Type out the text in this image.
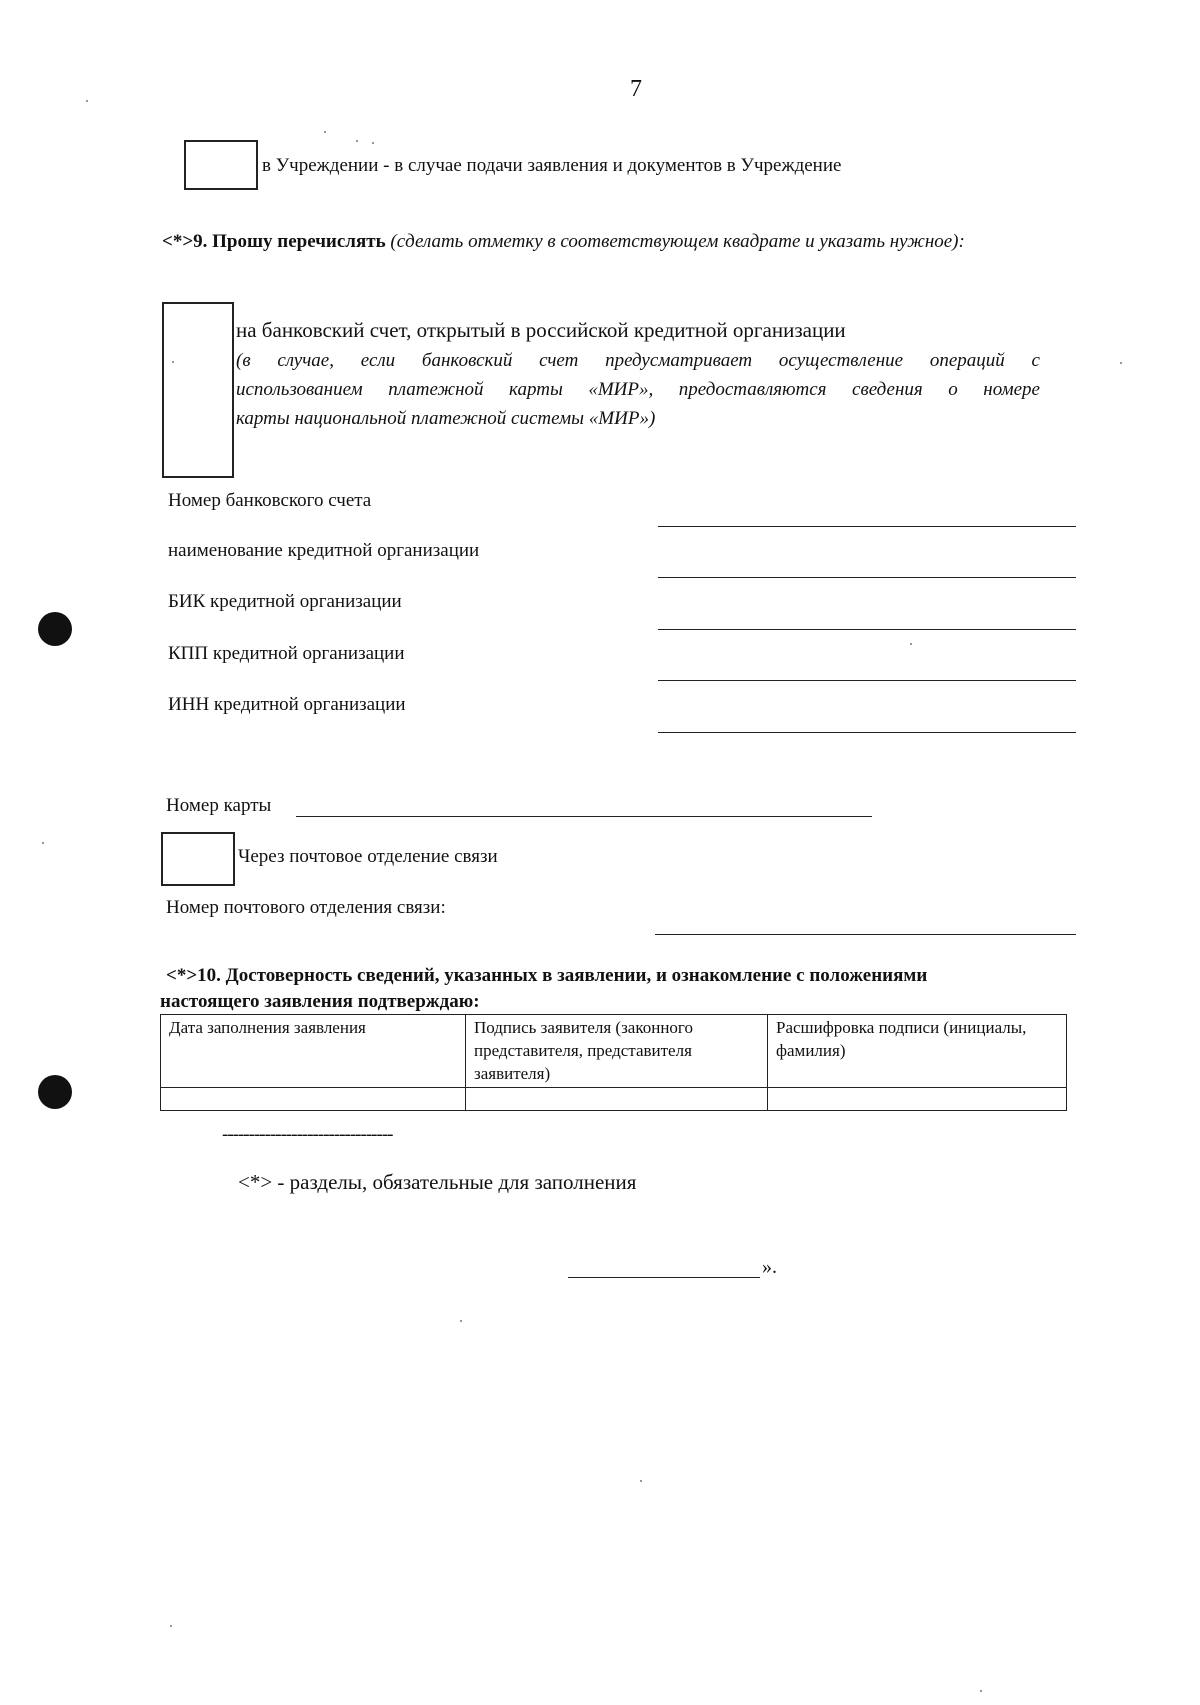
7
в Учреждении - в случае подачи заявления и документов в Учреждение
<*>9. Прошу перечислять (сделать отметку в соответствующем квадрате и указать нужное):
на банковский счет, открытый в российской кредитной организации
(в случае, если банковский счет предусматривает осуществление операций с
использованием платежной карты «МИР», предоставляются сведения о номере
карты национальной платежной системы «МИР»)
Номер банковского счета
наименование кредитной организации
БИК кредитной организации
КПП кредитной организации
ИНН кредитной организации
Номер карты
Через почтовое отделение связи
Номер почтового отделения связи:
<*>10. Достоверность сведений, указанных в заявлении, и ознакомление с положениями
настоящего заявления подтверждаю:
Дата заполнения заявления	Подпись заявителя (законного представителя, представителя заявителя)	Расшифровка подписи (инициалы, фамилия)

--------------------------------
<*> - разделы, обязательные для заполнения
».
